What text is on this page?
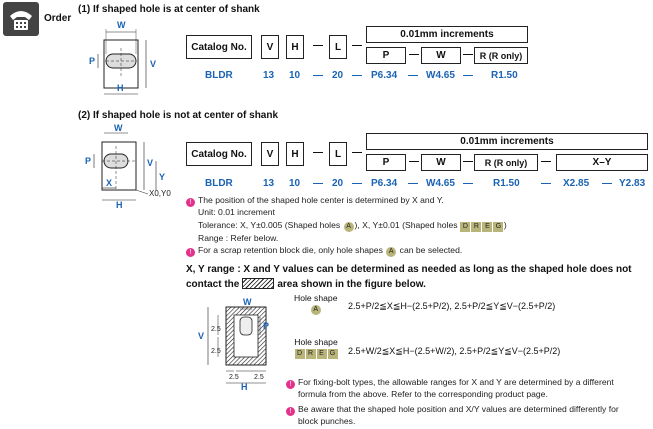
Order
(1) If shaped hole is at center of shank
W
P	V
H
Catalog No.	V	H	—	L	—
0.01mm increments
P	—	W	— R (R only)
BLDR	13 10 — 20 — P6.34 — W4.65 — R1.50
(2) If shaped hole is not at center of shank
W
P	V
Y
X
H
X0,Y0
Catalog No.	V	H	—	L	—
0.01mm increments
P	—	W	—	R (R only)	—	X–Y
BLDR	13 10 — 20 — P6.34 — W4.65 — R1.50 — X2.85 — Y2.83
! The position of the shaped hole center is determined by X and Y.
Unit: 0.01 increment
Tolerance: X, Y±0.005 (Shaped holes A ), X, Y±0.01 (Shaped holes D R E G )
Range : Refer below.
! For a scrap retention block die, only hole shapes A can be selected.
X, Y range : X and Y values can be determined as needed as long as the shaped hole does not
contact the	area shown in the figure below.
W
P
V
H
2.5
2.5
2.5 2.5
Hole shape
A	2.5+P/2≦X≦H−(2.5+P/2), 2.5+P/2≦Y≦V−(2.5+P/2)
Hole shape
D R E G	2.5+W/2≦X≦H−(2.5+W/2), 2.5+P/2≦Y≦V−(2.5+P/2)
! For fixing-bolt types, the allowable ranges for X and Y are determined by a different
formula from the above. Refer to the corresponding product page.
! Be aware that the shaped hole position and X/Y values are determined differently for
block punches.
